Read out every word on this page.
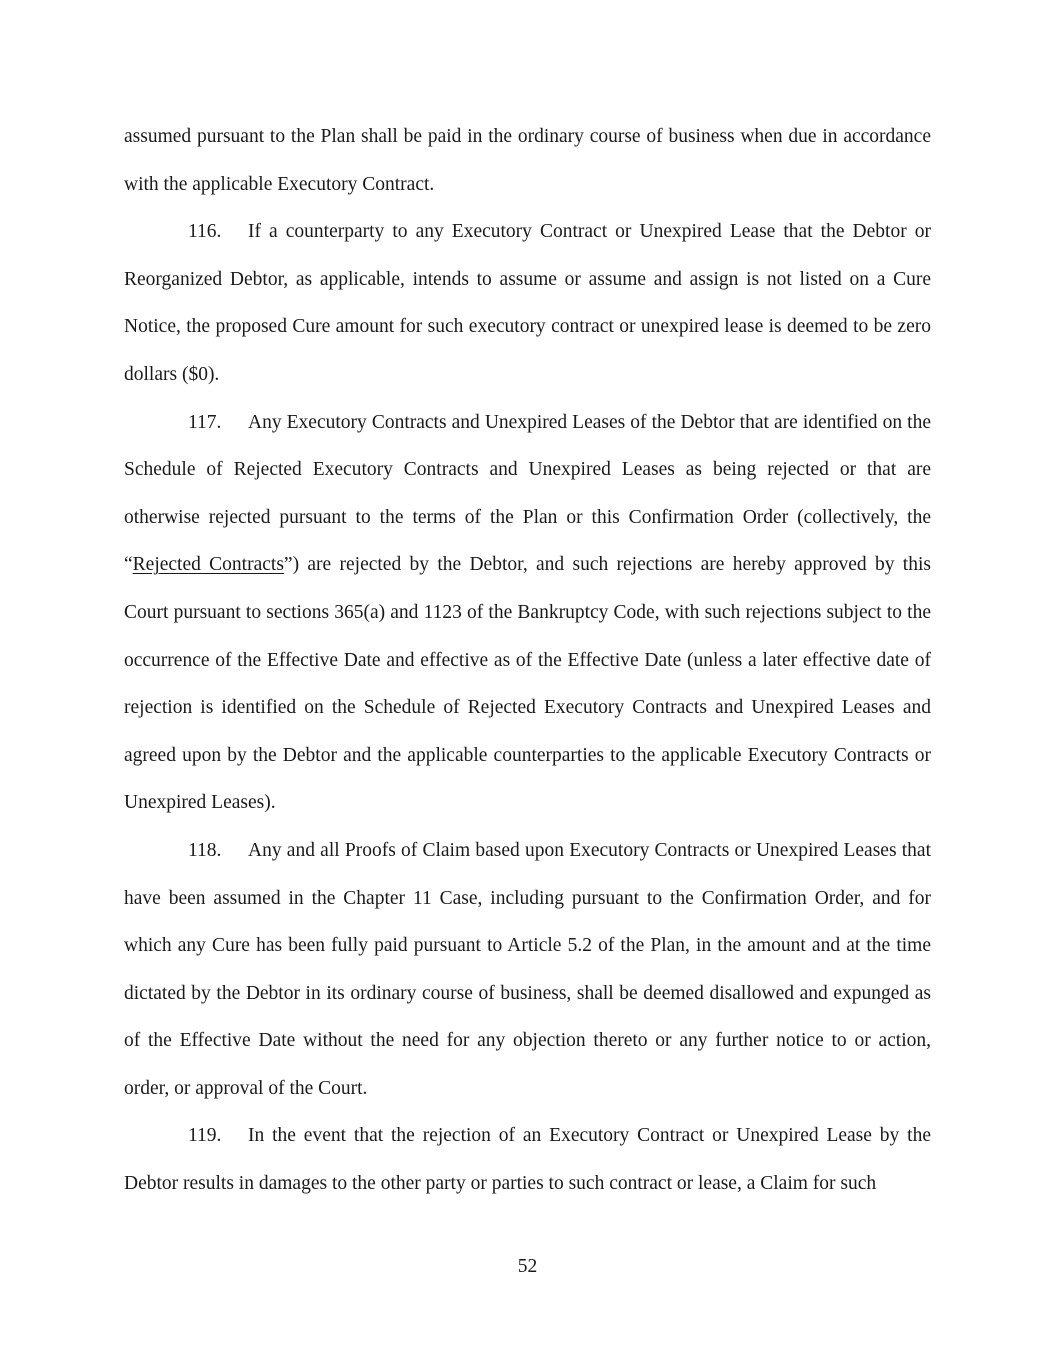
assumed pursuant to the Plan shall be paid in the ordinary course of business when due in accordance with the applicable Executory Contract.

116. If a counterparty to any Executory Contract or Unexpired Lease that the Debtor or Reorganized Debtor, as applicable, intends to assume or assume and assign is not listed on a Cure Notice, the proposed Cure amount for such executory contract or unexpired lease is deemed to be zero dollars ($0).

117. Any Executory Contracts and Unexpired Leases of the Debtor that are identified on the Schedule of Rejected Executory Contracts and Unexpired Leases as being rejected or that are otherwise rejected pursuant to the terms of the Plan or this Confirmation Order (collectively, the “Rejected Contracts”) are rejected by the Debtor, and such rejections are hereby approved by this Court pursuant to sections 365(a) and 1123 of the Bankruptcy Code, with such rejections subject to the occurrence of the Effective Date and effective as of the Effective Date (unless a later effective date of rejection is identified on the Schedule of Rejected Executory Contracts and Unexpired Leases and agreed upon by the Debtor and the applicable counterparties to the applicable Executory Contracts or Unexpired Leases).

118. Any and all Proofs of Claim based upon Executory Contracts or Unexpired Leases that have been assumed in the Chapter 11 Case, including pursuant to the Confirmation Order, and for which any Cure has been fully paid pursuant to Article 5.2 of the Plan, in the amount and at the time dictated by the Debtor in its ordinary course of business, shall be deemed disallowed and expunged as of the Effective Date without the need for any objection thereto or any further notice to or action, order, or approval of the Court.

119. In the event that the rejection of an Executory Contract or Unexpired Lease by the Debtor results in damages to the other party or parties to such contract or lease, a Claim for such

52
